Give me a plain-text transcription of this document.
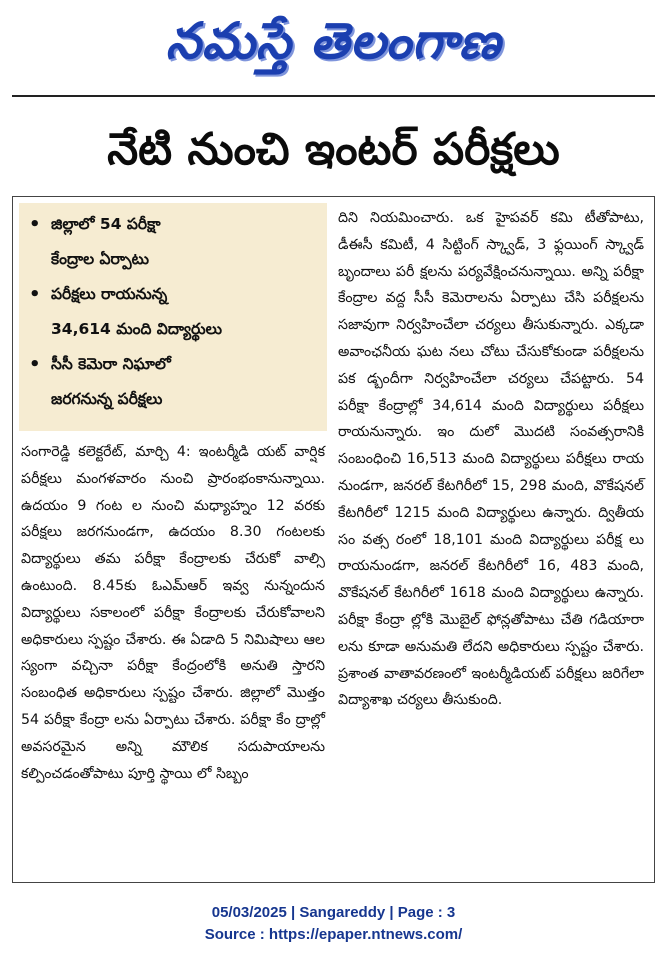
నమస్తే తెలంగాణ
నేటి నుంచి ఇంటర్ పరీక్షలు
• జిల్లాలో 54 పరీక్షా
కేంద్రాల ఏర్పాటు
• పరీక్షలు రాయనున్న
34,614 మంది విద్యార్థులు
• సీసీ కెమెరా నిఘాలో
జరగనున్న పరీక్షలు
సంగారెడ్డి కలెక్టరేట్, మార్చి 4: ఇంటర్మీడి యట్ వార్షిక పరీక్షలు మంగళవారం నుంచి ప్రారంభంకానున్నాయి. ఉదయం 9 గంట ల నుంచి మధ్యాహ్నం 12 వరకు పరీక్షలు జరగనుండగా, ఉదయం 8.30 గంటలకు విద్యార్థులు తమ పరీక్షా కేంద్రాలకు చేరుకో వాల్సి ఉంటుంది. 8.45కు ఓఎమ్ఆర్ ఇవ్వ నున్నందున విద్యార్థులు సకాలంలో పరీక్షా కేంద్రాలకు చేరుకోవాలని అధికారులు స్పష్టం చేశారు. ఈ ఏడాది 5 నిమిషాలు ఆల స్యంగా వచ్చినా పరీక్షా కేంద్రంలోకి అనుతి స్తారని సంబంధిత అధికారులు స్పష్టం చేశారు. జిల్లాలో మొత్తం 54 పరీక్షా కేంద్రా లను ఏర్పాటు చేశారు. పరీక్షా కేం ద్రాల్లో అవసరమైన అన్ని మౌలిక సదుపాయాలను కల్పించడంతోపాటు పూర్తి స్థాయి లో సిబ్బం
దిని నియమించారు. ఒక హైపవర్ కమి టీతోపాటు, డీఈసీ కమిటీ, 4 సిట్టింగ్ స్క్వాడ్, 3 ఫ్లయింగ్ స్క్వాడ్ బృందాలు పరీ క్షలను పర్యవేక్షించనున్నాయి. అన్ని పరీక్షా కేంద్రాల వద్ద సీసీ కెమెరాలను ఏర్పాటు చేసి పరీక్షలను సజావుగా నిర్వహించేలా చర్యలు తీసుకున్నారు. ఎక్కడా అవాంఛనీయ ఘట నలు చోటు చేసుకోకుండా పరీక్షలను పక డ్బందీగా నిర్వహించేలా చర్యలు చేపట్టారు. 54 పరీక్షా కేంద్రాల్లో 34,614 మంది విద్యార్థులు పరీక్షలు రాయనున్నారు. ఇం దులో మొదటి సంవత్సరానికి సంబంధించి 16,513 మంది విద్యార్థులు పరీక్షలు రాయ నుండగా, జనరల్ కేటగిరీలో 15, 298 మంది, వొకేషనల్ కేటగిరీలో 1215 మంది విద్యార్థులు ఉన్నారు. ద్వితీయ సం వత్స రంలో 18,101 మంది విద్యార్థులు పరీక్ష లు రాయనుండగా, జనరల్ కేటగిరీలో 16, 483 మంది, వొకేషనల్ కేటగిరీలో 1618 మంది విద్యార్థులు ఉన్నారు. పరీక్షా కేంద్రా ల్లోకి మొబైల్ ఫోన్లతోపాటు చేతి గడియారా లను కూడా అనుమతి లేదని అధికారులు స్పష్టం చేశారు. ప్రశాంత వాతావరణంలో ఇంటర్మీడియట్ పరీక్షలు జరిగేలా విద్యాశాఖ చర్యలు తీసుకుంది.
05/03/2025 | Sangareddy | Page : 3
Source : https://epaper.ntnews.com/
